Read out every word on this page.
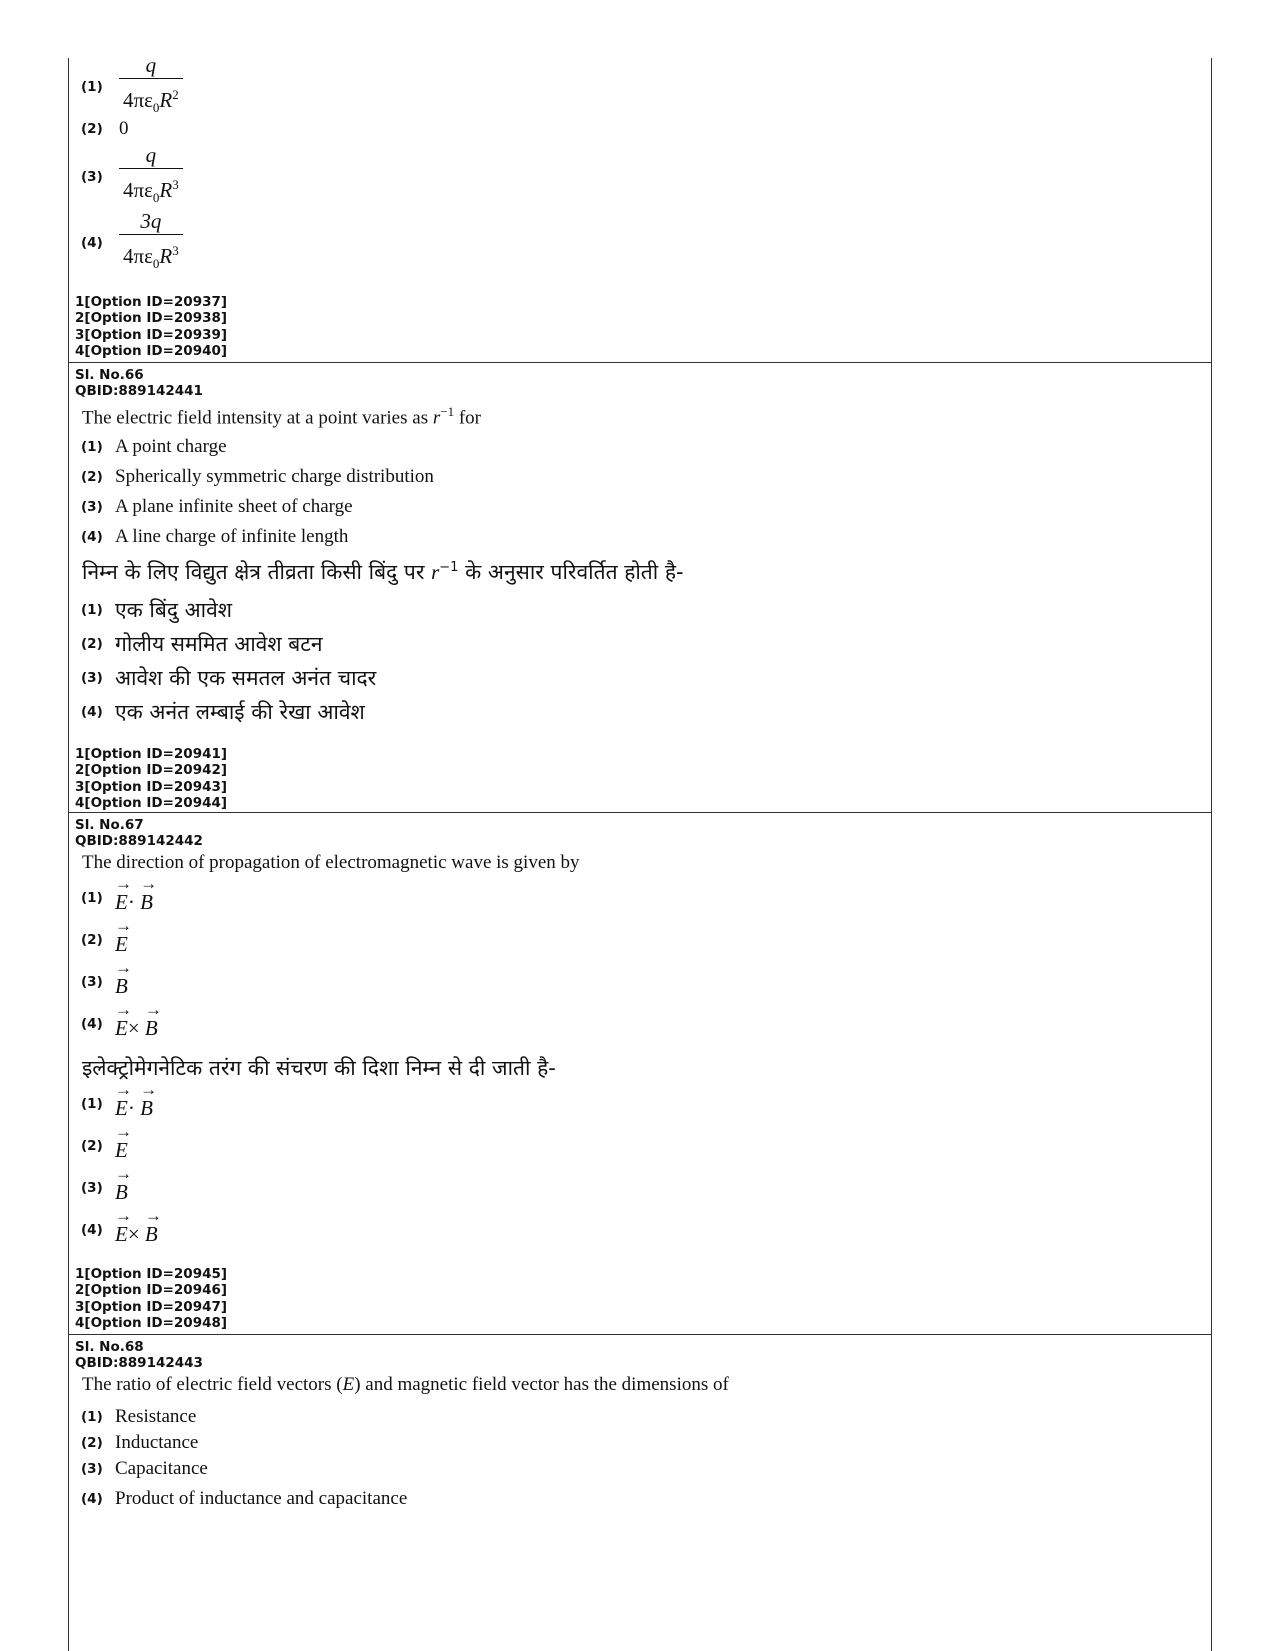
$(1) \frac{q}{4\pi\varepsilon_0R^2}$
(2) 0
$(3) \frac{q}{4\pi\varepsilon_0R^3}$
$(4) \frac{3q}{4\pi\varepsilon_0R^3}$
1[Option ID=20937]
2[Option ID=20938]
3[Option ID=20939]
4[Option ID=20940]
Sl. No.66
QBID:889142441
The electric field intensity at a point varies as $r^{-1}$ for
(1) A point charge
(2) Spherically symmetric charge distribution
(3) A plane infinite sheet of charge
(4) A line charge of infinite length
निम्न के लिए विद्युत क्षेत्र तीव्रता किसी बिंदु पर $r^{-1}$ के अनुसार परिवर्तित होती है-
(1) एक बिंदु आवेश
(2) गोलीय सममित आवेश बटन
(3) आवेश की एक समतल अनंत चादर
(4) एक अनंत लम्बाई की रेखा आवेश
1[Option ID=20941]
2[Option ID=20942]
3[Option ID=20943]
4[Option ID=20944]
Sl. No.67
QBID:889142442
The direction of propagation of electromagnetic wave is given by
(1) → E· → B
(2) → E
(3) → B
(4) → E× → B
इलेक्ट्रोमेगनेटिक तरंग की संचरण की दिशा निम्न से दी जाती है-
(1) → E· → B
(2) → E
(3) → B
(4) → E× → B
1[Option ID=20945]
2[Option ID=20946]
3[Option ID=20947]
4[Option ID=20948]
Sl. No.68
QBID:889142443
The ratio of electric field vectors (E) and magnetic field vector has the dimensions of
(1) Resistance
(2) Inductance
(3) Capacitance
(4) Product of inductance and capacitance
